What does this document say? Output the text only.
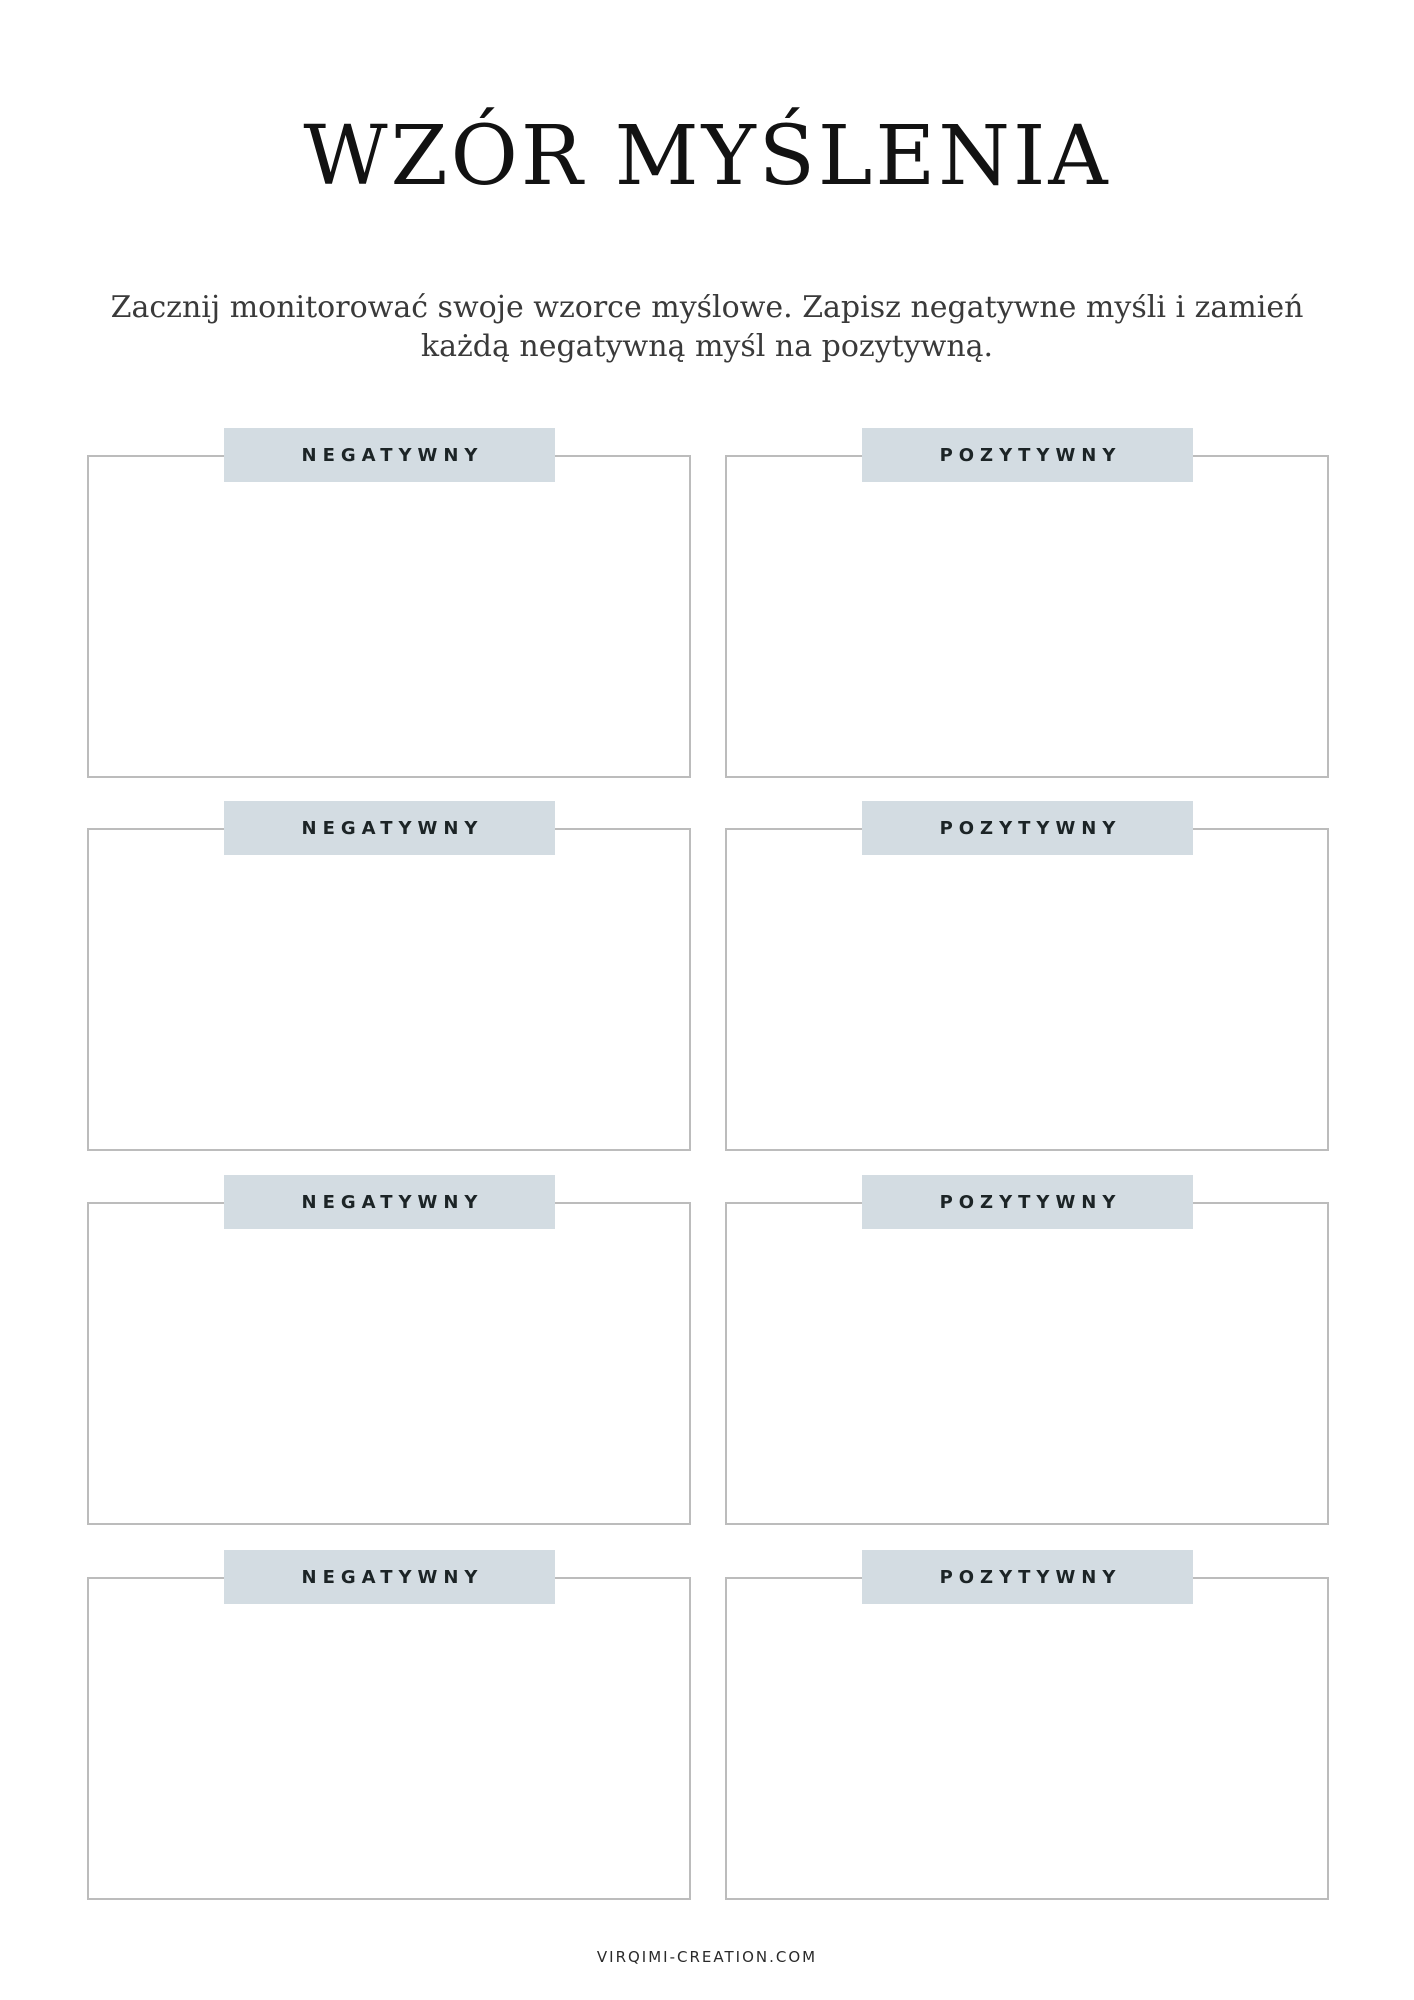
WZÓR MYŚLENIA
Zacznij monitorować swoje wzorce myślowe. Zapisz negatywne myśli i zamień
każdą negatywną myśl na pozytywną.
NEGATYWNY	POZYTYWNY
NEGATYWNY	POZYTYWNY
NEGATYWNY	POZYTYWNY
NEGATYWNY	POZYTYWNY
VIRQIMI-CREATION.COM
